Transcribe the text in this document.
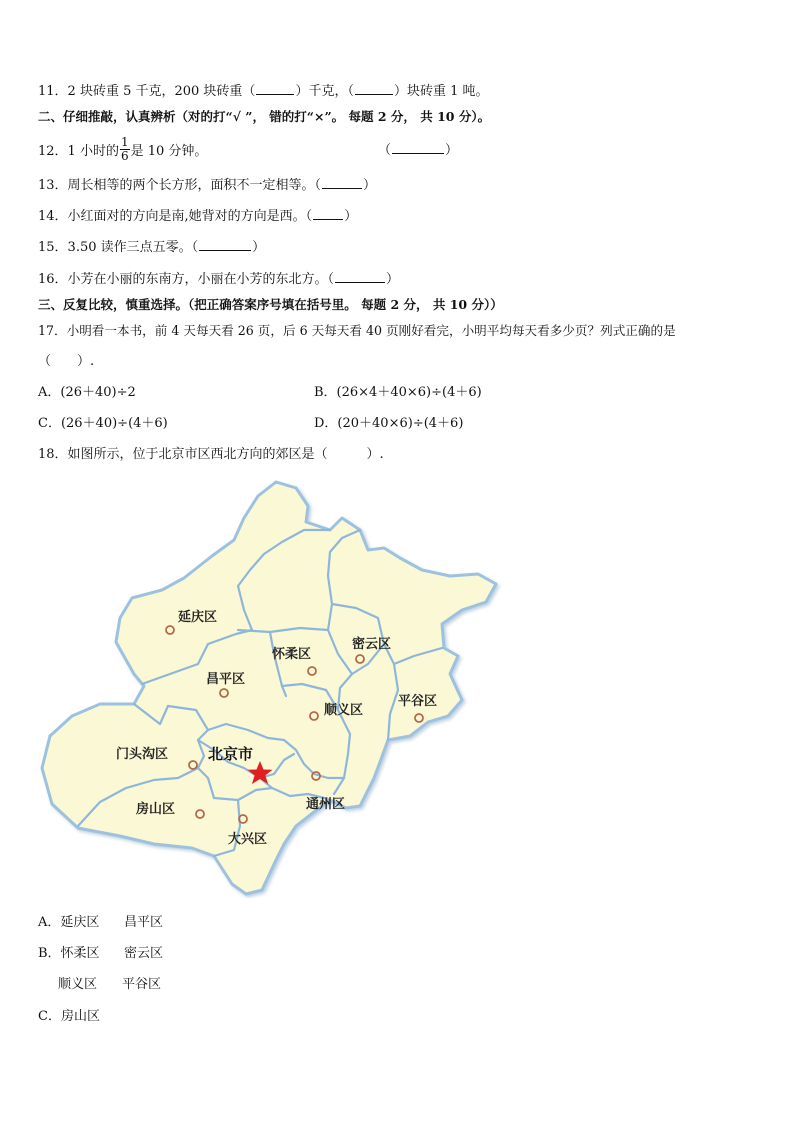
11．2 块砖重 5 千克，200 块砖重（	）千克，（	）块砖重 1 吨。
二、仔细推敲，认真辨析（对的打“√ ”， 错的打“×”。 每题 2 分， 共 10 分）。
12．1 小时的 $\frac{1}{6}$ 是 10 分钟。	（	）
13．周长相等的两个长方形，面积不一定相等。（	）
14．小红面对的方向是南,她背对的方向是西。（ ）
15．3.50 读作三点五零。（	）
16．小芳在小丽的东南方，小丽在小芳的东北方。（	）
三、反复比较，慎重选择。（把正确答案序号填在括号里。 每题 2 分， 共 10 分））
17．小明看一本书，前 4 天每天看 26 页，后 6 天每天看 40 页刚好看完，小明平均每天看多少页？列式正确的是
（　　）.
A．(26＋40)÷2	B．(26×4＋40×6)÷(4＋6)
C．(26＋40)÷(4＋6)	D．(20＋40×6)÷(4＋6)
18．如图所示，位于北京市区西北方向的郊区是（　　　）.
延庆区
怀柔区
密云区
昌平区
平谷区
顺义区
门头沟区	北京市
通州区
房山区
大兴区
A．延庆区 昌平区
B．怀柔区 密云区
顺义区 平谷区
C．房山区
